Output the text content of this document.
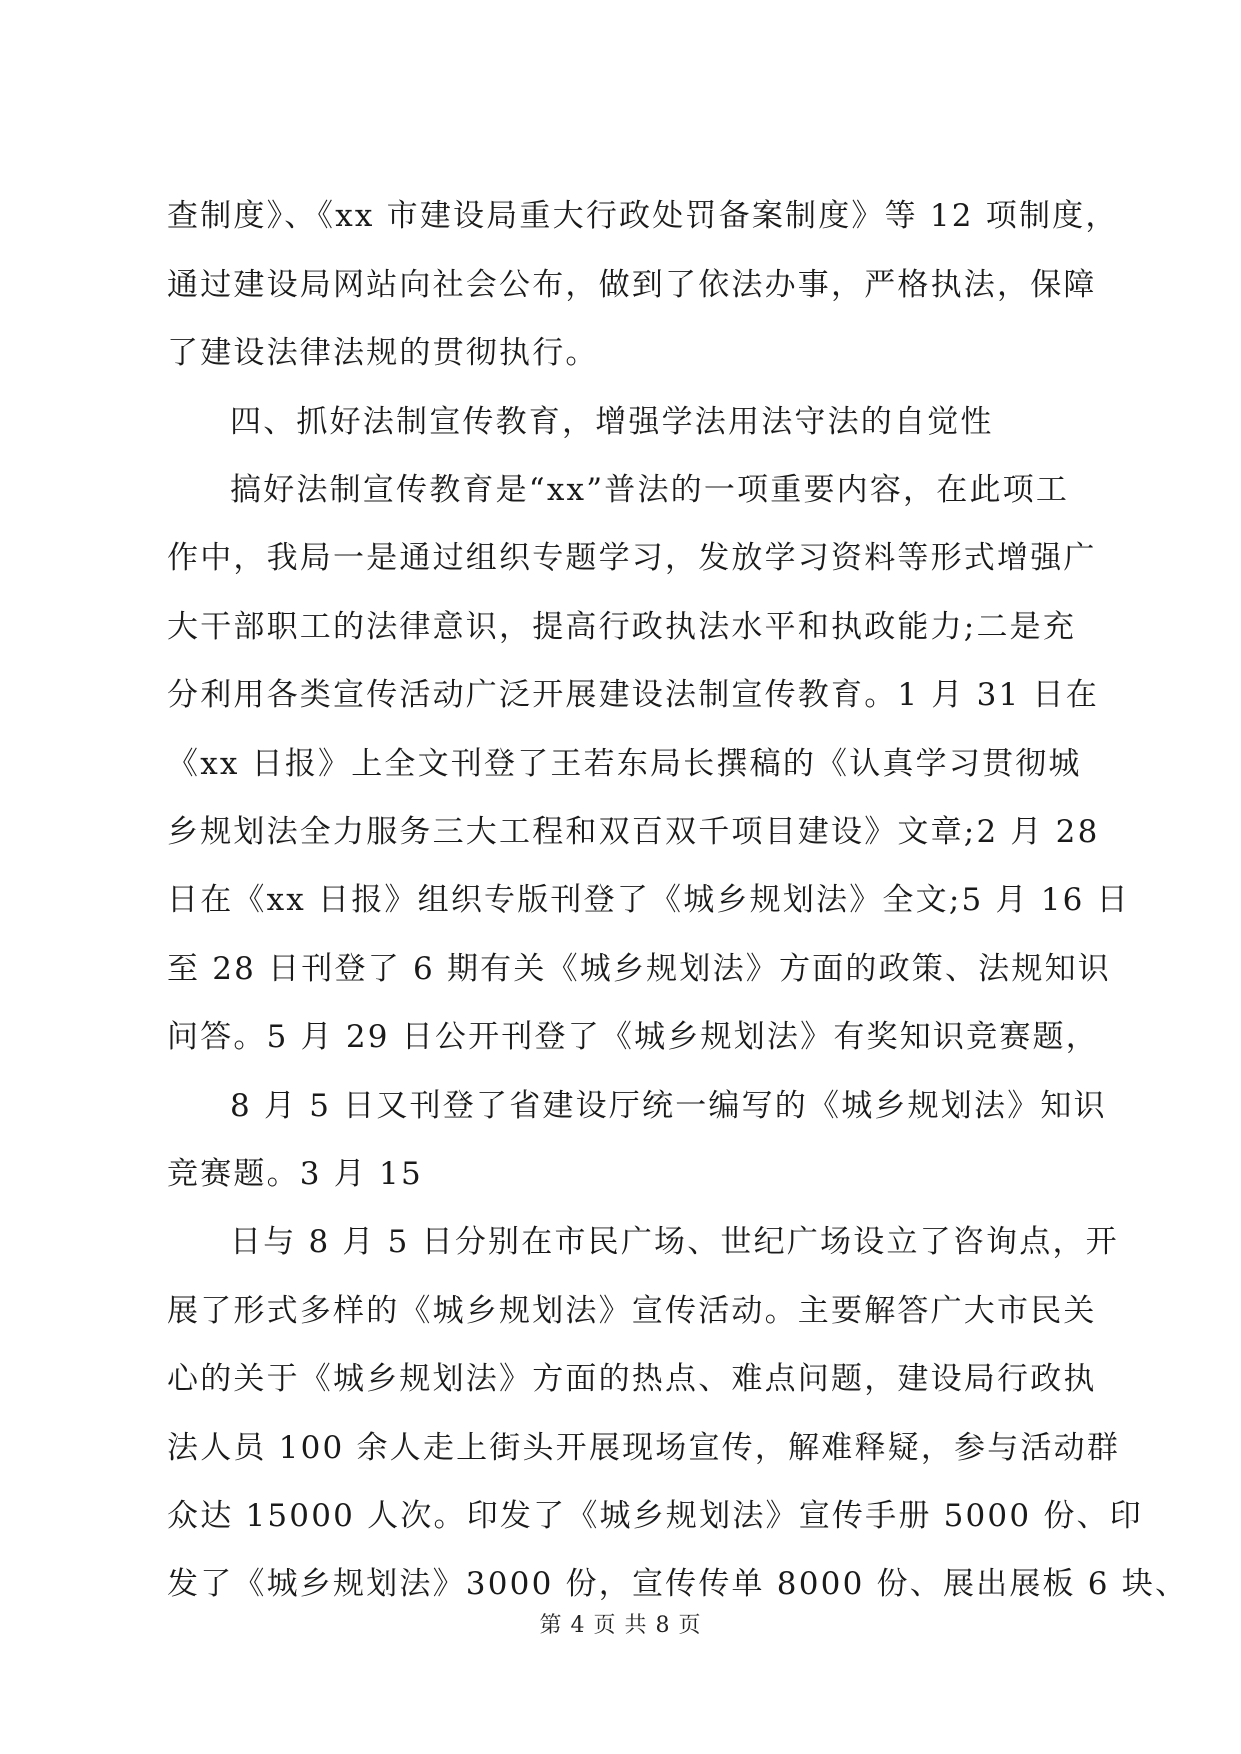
查制度》、《xx 市建设局重大行政处罚备案制度》等 12 项制度，
通过建设局网站向社会公布，做到了依法办事，严格执法，保障
了建设法律法规的贯彻执行。
四、抓好法制宣传教育，增强学法用法守法的自觉性
搞好法制宣传教育是“xx”普法的一项重要内容，在此项工
作中，我局一是通过组织专题学习，发放学习资料等形式增强广
大干部职工的法律意识，提高行政执法水平和执政能力;二是充
分利用各类宣传活动广泛开展建设法制宣传教育。1 月 31 日在
《xx 日报》上全文刊登了王若东局长撰稿的《认真学习贯彻城
乡规划法全力服务三大工程和双百双千项目建设》文章;2 月 28
日在《xx 日报》组织专版刊登了《城乡规划法》全文;5 月 16 日
至 28 日刊登了 6 期有关《城乡规划法》方面的政策、法规知识
问答。5 月 29 日公开刊登了《城乡规划法》有奖知识竞赛题，
8 月 5 日又刊登了省建设厅统一编写的《城乡规划法》知识
竞赛题。3 月 15
日与 8 月 5 日分别在市民广场、世纪广场设立了咨询点，开
展了形式多样的《城乡规划法》宣传活动。主要解答广大市民关
心的关于《城乡规划法》方面的热点、难点问题，建设局行政执
法人员 100 余人走上街头开展现场宣传，解难释疑，参与活动群
众达 15000 人次。印发了《城乡规划法》宣传手册 5000 份、印
发了《城乡规划法》3000 份，宣传传单 8000 份、展出展板 6 块、
第 4 页 共 8 页
